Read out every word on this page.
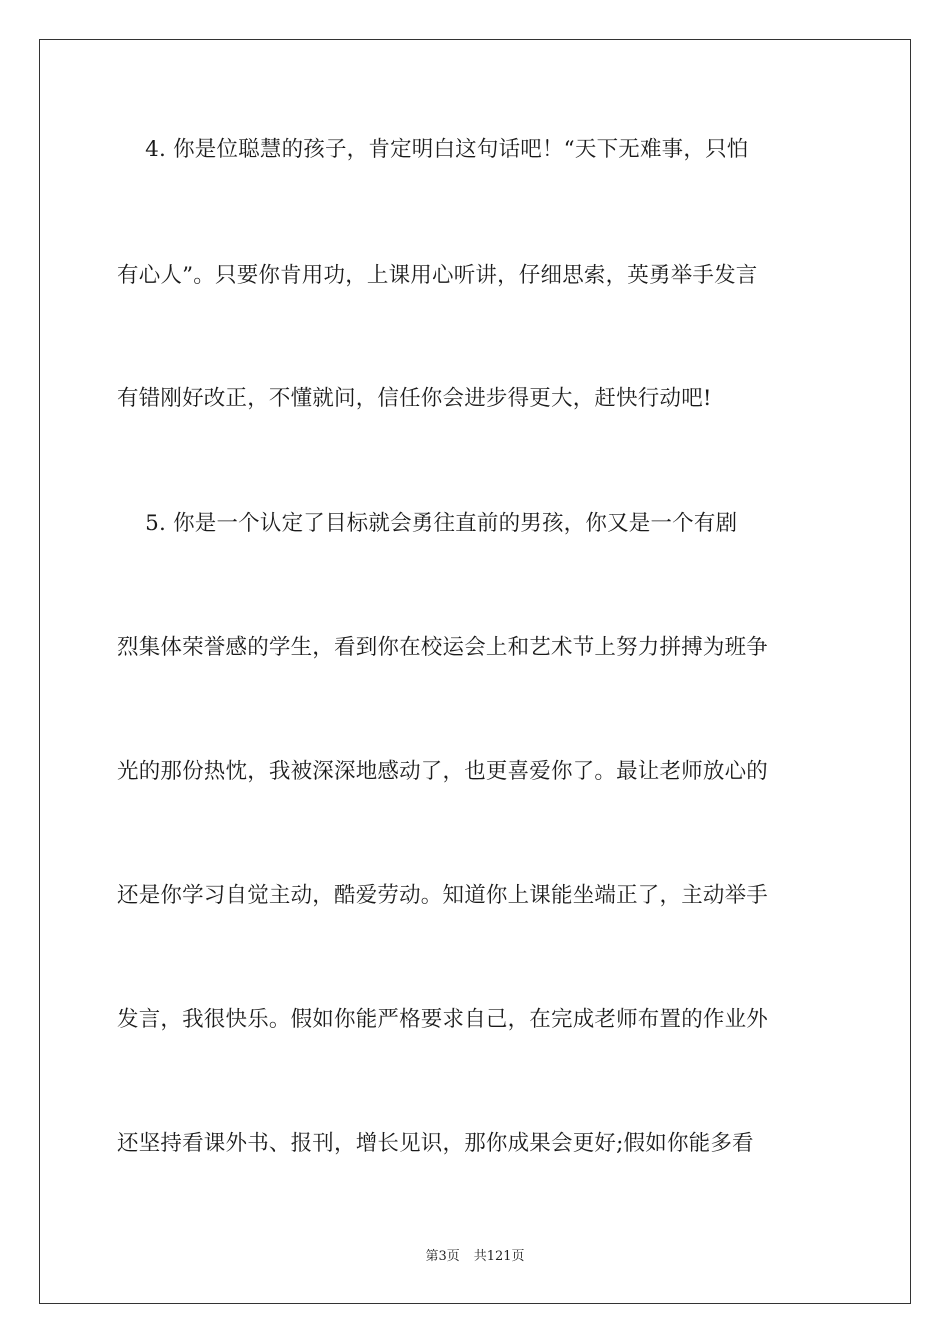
4. 你是位聪慧的孩子，肯定明白这句话吧！“天下无难事，只怕
有心人”。只要你肯用功，上课用心听讲，仔细思索，英勇举手发言
有错刚好改正，不懂就问，信任你会进步得更大，赶快行动吧!
5. 你是一个认定了目标就会勇往直前的男孩，你又是一个有剧
烈集体荣誉感的学生，看到你在校运会上和艺术节上努力拼搏为班争
光的那份热忱，我被深深地感动了，也更喜爱你了。最让老师放心的
还是你学习自觉主动，酷爱劳动。知道你上课能坐端正了，主动举手
发言，我很快乐。假如你能严格要求自己，在完成老师布置的作业外
还坚持看课外书、报刊，增长见识，那你成果会更好;假如你能多看
第3页 共121页
